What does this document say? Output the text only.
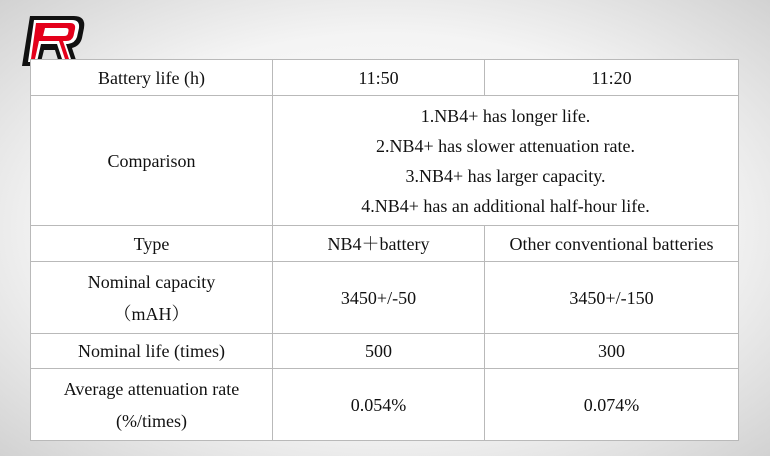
Battery life (h)	11:50	11:20
Comparison	1.NB4+ has longer life.
2.NB4+ has slower attenuation rate.
3.NB4+ has larger capacity.
4.NB4+ has an additional half-hour life.	

Type	NB4＋battery	Other conventional batteries

Nominal capacity
（mAH）	3450+/-50	3450+/-150
Nominal life (times)	500	300

Average attenuation rate
(%/times)	0.054%	0.074%
